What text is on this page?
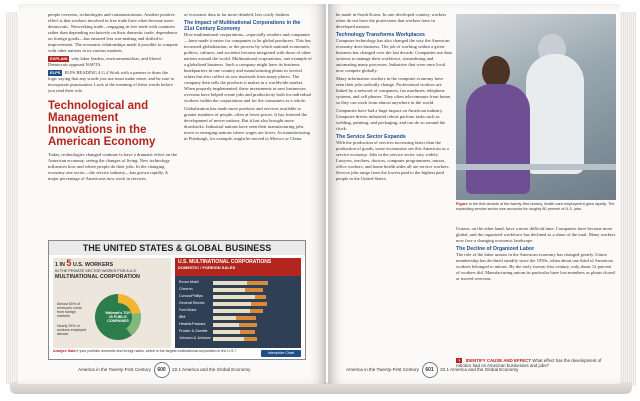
people overseas, technologies and communications. Another positive effect is that workers involved in free trade have often become more democratic. Networking trade—engaging in free trade with countries rather than depending exclusively on their domestic trade, dependence on foreign goods—has ensured less war-making and shifted to improvement. The economic relationships made it possible to compete with other nations in its various markets.

EXPLAIN why labor leaders, environmentalists, and liberal Democrats opposed NAFTA.

ELPS ELPS READING 4.G.4 Work with a partner to draw the logic saying that any words you use must make sense, and be sure to incorporate punctuation. Look at the meaning of these words before you read their role.

Technological and Management Innovations in the American Economy

Today, technologies changed continue to have a dramatic effect on the American economy, seeing the changes of living. New technology influences how and where people do their jobs. In the changing economy one sector—the service industry—has grown rapidly. A major percentage of Americans now work in services.

of economic data in far more detailed, less costly fashion.

The Impact of Multinational Corporations in the 21st Century Economy

How multinational corporations—especially retailers and companies—have made it easier for companies to be global producers. This has increased globalization, or the process by which national economies, politics, cultures, and societies become integrated with those of other nations around the world. Multinational corporations, one example of a globalized business. Such a company might have its business headquarters in one country and manufacturing plants in several others but also collect its raw materials from many places. The company then sells the products it makes in a worldwide market. When properly implemented, these investments in new businesses overseas have helped create jobs and productivity both for individual workers within the corporations and for the consumers as a whole.

Globalization has made more products and services available to greater numbers of people, often at lower prices. It has fostered the development of newer nations. But it has also brought more drawbacks. Industrial nations have seen their manufacturing jobs move to emerging nations where wages are lower. As manufacturing in Pittsburgh, for example, might be moved to Mexico or China.

America in the Twenty-First Century 600 22.1 America and the Global Economy
THE UNITED STATES & GLOBAL BUSINESS
1 IN 5 U.S. WORKERS
IN THE PRIVATE SECTOR WORKS FOR A U.S.
MULTINATIONAL CORPORATION
Walmart's TOP 25 PUBLIC COMPANIES
Almost 50% of revenues come from foreign markets
Nearly 25% of workers employed abroad
U.S. MULTINATIONAL CORPORATIONS
DOMESTIC / FOREIGN SALES
Exxon Mobil
Chevron
ConocoPhillips
General Electric
Ford Motor
IBM
Hewlett-Packard
Procter & Gamble
Johnson & Johnson
Analyze Data If your portfolio domestic and foreign sales, which is the largest multinational corporation in the U.S.?	Interactive Chart

be made in South Korea. In one developed country, workers often do not have the protections that workers have in developed nations.

Technology Transforms Workplaces

Computer technology has also changed the way the American economy does business. The job of working within a given business has changed over the last decade. Companies use data systems to manage their workforce, streamlining and automating many processes. Industries that were once local now compete globally.

Many information workers in the computer economy have seen their jobs radically change. Professional workers are linked by a network of computers, fax machines, telephone systems, and cell phones. They often telecommute from home, so they can work from almost anywhere in the world.

Companies have had a huge impact on American industry. Computer-driven industrial robots perform tasks such as welding, painting, and packaging, and can do so around the clock.

The Service Sector Expands

With the production of services increasing faster than the production of goods, some economists see this American as a service economy. Jobs in the service sector vary widely. Lawyers, teachers, doctors, computer programmers, nurses, office workers, and home health aides all are service workers. Service jobs range from the lowest paid to the highest paid people in the United States.

Figure In the first decade of the twenty-first century, health care employment grew rapidly. The expanding service sector now accounts for roughly 80 percent of U.S. jobs.

Unions, on the other hand, have a more difficult time. Companies have become more global, and the organized workforce has declined as a share of the total. Many workers now face a changing economic landscape.

The Decline of Organized Labor

The role of the labor unions in the American economy has changed greatly. Union membership has declined steadily since the 1950s, when about one third of American workers belonged to unions. By the early twenty-first century, only about 12 percent of workers did. Manufacturing unions in particular have lost members as plants closed or moved overseas.

? IDENTIFY CAUSE AND EFFECT What effect has the development of robotics had on American businesses and jobs?
America in the Twenty-First Century 601 22.1 America and the Global Economy
